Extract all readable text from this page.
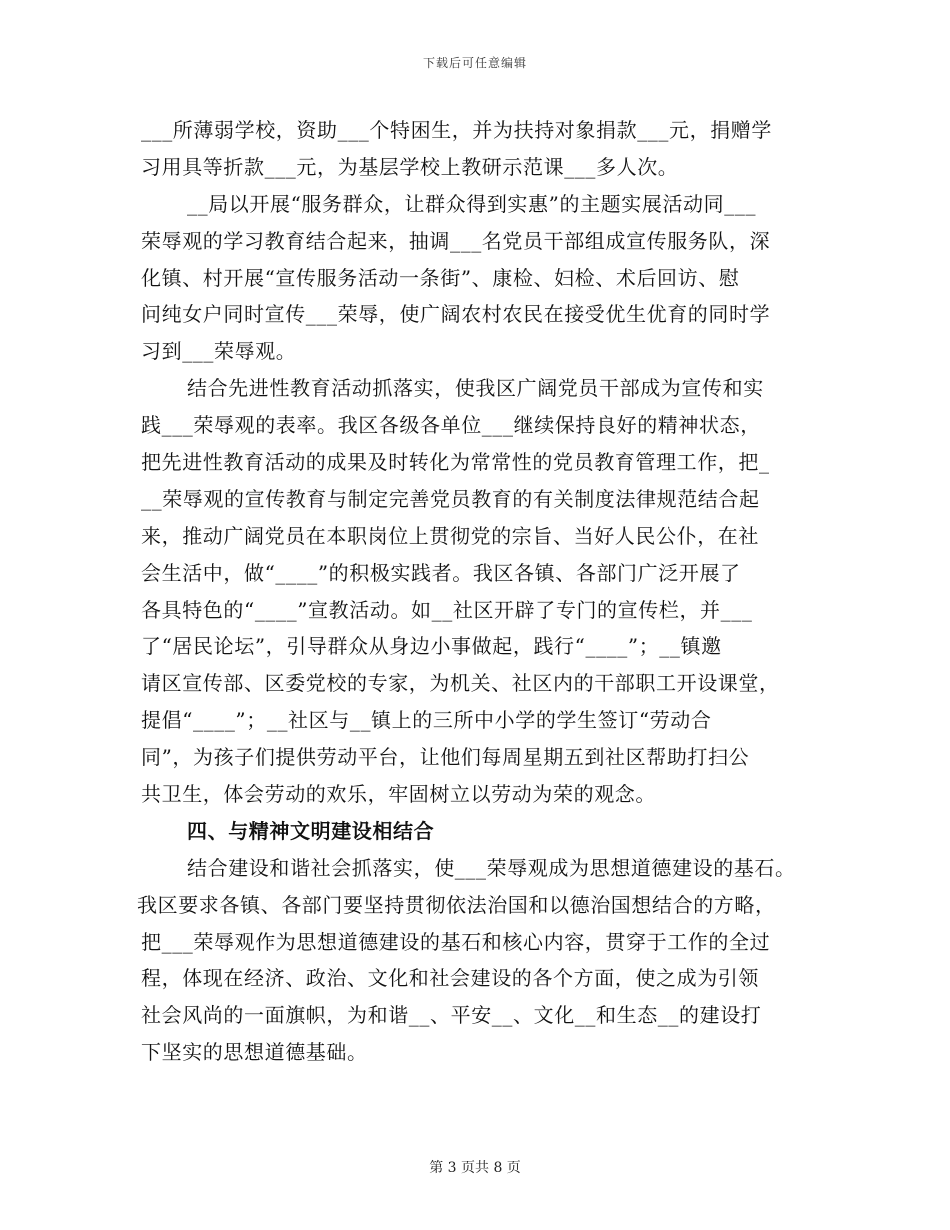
下载后可任意编辑
___所薄弱学校，资助___个特困生，并为扶持对象捐款___元，捐赠学
习用具等折款___元，为基层学校上教研示范课___多人次。
__局以开展“服务群众，让群众得到实惠”的主题实展活动同___
荣辱观的学习教育结合起来，抽调___名党员干部组成宣传服务队，深
化镇、村开展“宣传服务活动一条街”、康检、妇检、术后回访、慰
问纯女户同时宣传___荣辱，使广阔农村农民在接受优生优育的同时学
习到___荣辱观。
结合先进性教育活动抓落实，使我区广阔党员干部成为宣传和实
践___荣辱观的表率。我区各级各单位___继续保持良好的精神状态，
把先进性教育活动的成果及时转化为常常性的党员教育管理工作，把_
__荣辱观的宣传教育与制定完善党员教育的有关制度法律规范结合起
来，推动广阔党员在本职岗位上贯彻党的宗旨、当好人民公仆，在社
会生活中，做“____”的积极实践者。我区各镇、各部门广泛开展了
各具特色的“____”宣教活动。如__社区开辟了专门的宣传栏，并___
了“居民论坛”，引导群众从身边小事做起，践行“____”；__镇邀
请区宣传部、区委党校的专家，为机关、社区内的干部职工开设课堂，
提倡“____”；__社区与__镇上的三所中小学的学生签订“劳动合
同”，为孩子们提供劳动平台，让他们每周星期五到社区帮助打扫公
共卫生，体会劳动的欢乐，牢固树立以劳动为荣的观念。
四、与精神文明建设相结合
结合建设和谐社会抓落实，使___荣辱观成为思想道德建设的基石。
我区要求各镇、各部门要坚持贯彻依法治国和以德治国想结合的方略，
把___荣辱观作为思想道德建设的基石和核心内容，贯穿于工作的全过
程，体现在经济、政治、文化和社会建设的各个方面，使之成为引领
社会风尚的一面旗帜，为和谐__、平安__、文化__和生态__的建设打
下坚实的思想道德基础。
第 3 页共 8 页
